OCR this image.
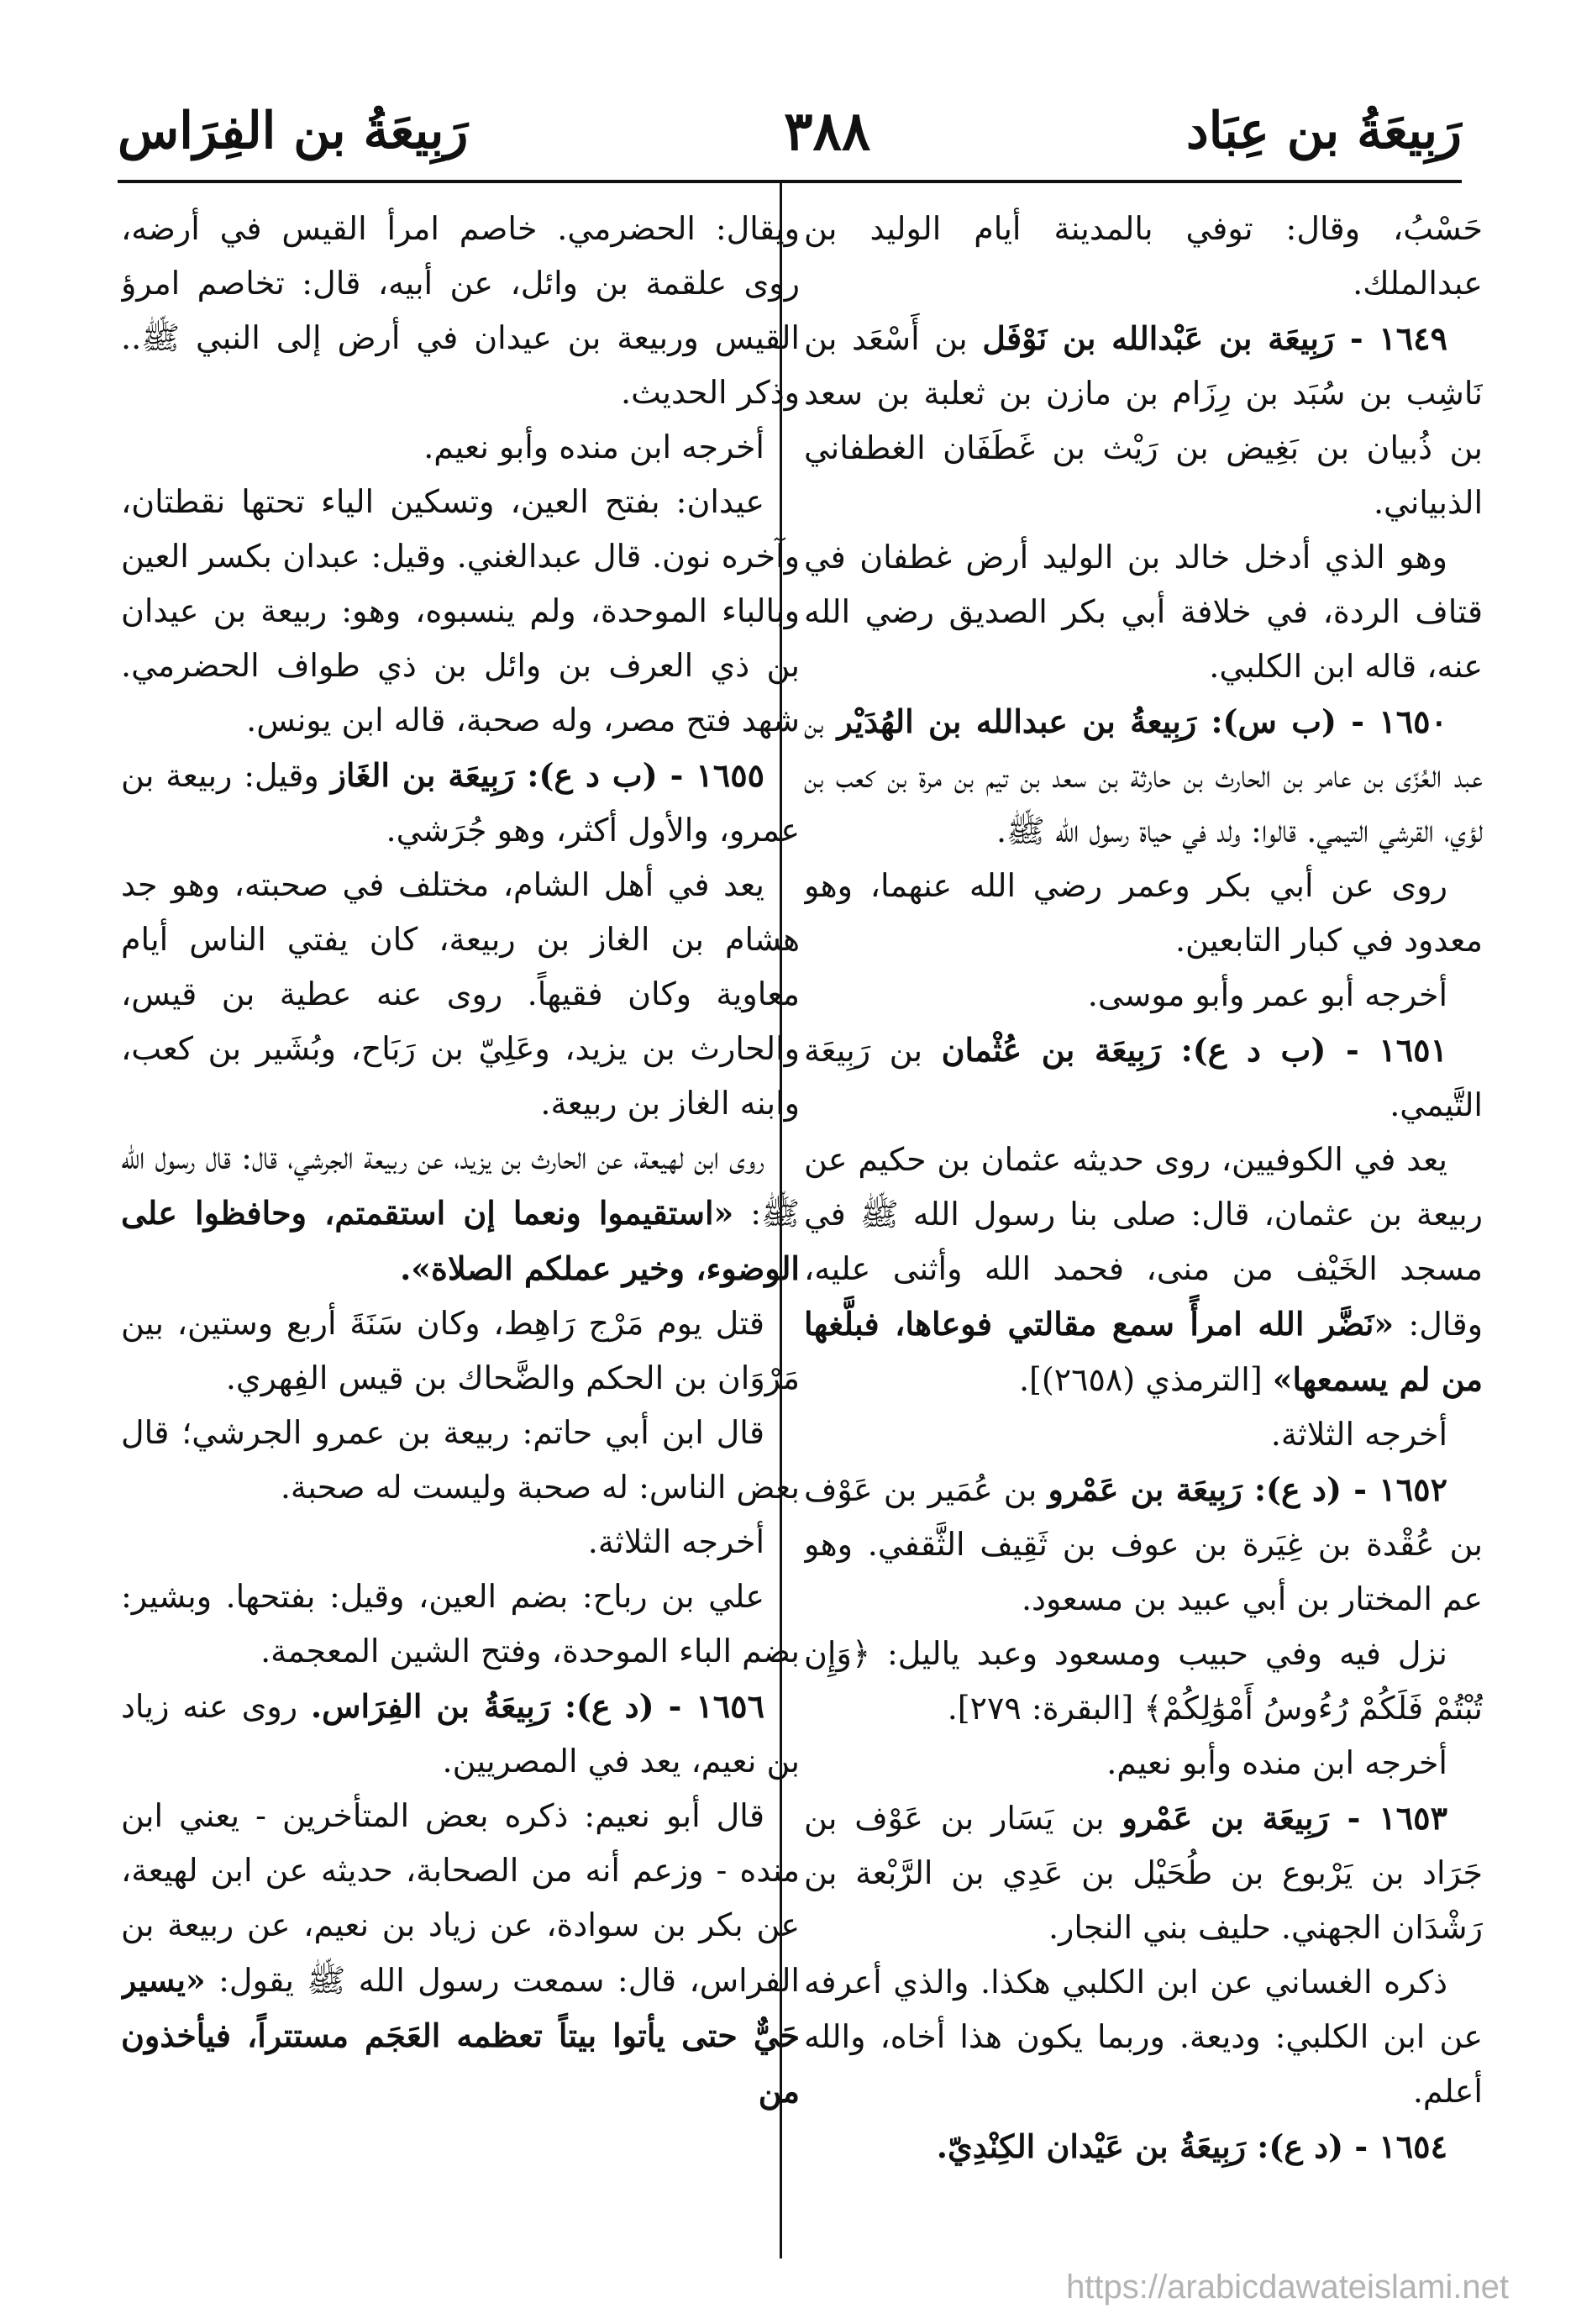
رَبِيعَةُ بن عِبَاد
٣٨٨
رَبِيعَةُ بن الفِرَاس

حَسْبُ، وقال: توفي بالمدينة أيام الوليد بن عبدالملك.

١٦٤٩ - رَبِيعَة بن عَبْدالله بن نَوْفَل بن أَسْعَد بن نَاشِب بن سُبَد بن رِزَام بن مازن بن ثعلبة بن سعد بن ذُبيان بن بَغِيض بن رَيْث بن غَطَفَان الغطفاني الذبياني.

وهو الذي أدخل خالد بن الوليد أرض غطفان في قتاف الردة، في خلافة أبي بكر الصديق رضي الله عنه، قاله ابن الكلبي.

١٦٥٠ - (ب س): رَبِيعةُ بن عبدالله بن الهُدَيْر بن عبد العُزّى بن عامر بن الحارث بن حارثة بن سعد بن تيم بن مرة بن كعب بن لؤي، القرشي التيمي. قالوا: ولد في حياة رسول الله ﷺ.

روى عن أبي بكر وعمر رضي الله عنهما، وهو معدود في كبار التابعين.

أخرجه أبو عمر وأبو موسى.

١٦٥١ - (ب د ع): رَبِيعَة بن عُثْمان بن رَبِيعَة التَّيمي.

يعد في الكوفيين، روى حديثه عثمان بن حكيم عن ربيعة بن عثمان، قال: صلى بنا رسول الله ﷺ في مسجد الخَيْف من منى، فحمد الله وأثنى عليه، وقال: «نَضَّر الله امرأً سمع مقالتي فوعاها، فبلَّغها من لم يسمعها» [الترمذي (٢٦٥٨)].

أخرجه الثلاثة.

١٦٥٢ - (د ع): رَبِيعَة بن عَمْرو بن عُمَير بن عَوْف بن عُقْدة بن غِيَرة بن عوف بن ثَقِيف الثَّقفي. وهو عم المختار بن أبي عبيد بن مسعود.

نزل فيه وفي حبيب ومسعود وعبد ياليل: ﴿وَإِن تُبْتُمْ فَلَكُمْ رُءُوسُ أَمْوَٰلِكُمْ﴾ [البقرة: ٢٧٩].

أخرجه ابن منده وأبو نعيم.

١٦٥٣ - رَبِيعَة بن عَمْرو بن يَسَار بن عَوْف بن جَرَاد بن يَرْبوع بن طُحَيْل بن عَدِي بن الرَّبْعة بن رَشْدَان الجهني. حليف بني النجار.

ذكره الغساني عن ابن الكلبي هكذا. والذي أعرفه عن ابن الكلبي: وديعة. وربما يكون هذا أخاه، والله أعلم.

١٦٥٤ - (د ع): رَبِيعَةُ بن عَيْدان الكِنْدِيّ.

ويقال: الحضرمي. خاصم امرأ القيس في أرضه، روى علقمة بن وائل، عن أبيه، قال: تخاصم امرؤ القيس وربيعة بن عيدان في أرض إلى النبي ﷺ.. وذكر الحديث.

أخرجه ابن منده وأبو نعيم.

عيدان: بفتح العين، وتسكين الياء تحتها نقطتان، وآخره نون. قال عبدالغني. وقيل: عبدان بكسر العين وبالباء الموحدة، ولم ينسبوه، وهو: ربيعة بن عيدان بن ذي العرف بن وائل بن ذي طواف الحضرمي. شهد فتح مصر، وله صحبة، قاله ابن يونس.

١٦٥٥ - (ب د ع): رَبِيعَة بن الغَاز وقيل: ربيعة بن عمرو، والأول أكثر، وهو جُرَشي.

يعد في أهل الشام، مختلف في صحبته، وهو جد هشام بن الغاز بن ربيعة، كان يفتي الناس أيام معاوية وكان فقيهاً. روى عنه عطية بن قيس، والحارث بن يزيد، وعَلِيّ بن رَبَاح، وبُشَير بن كعب، وابنه الغاز بن ربيعة.

روى ابن لهيعة، عن الحارث بن يزيد، عن ربيعة الجرشي، قال: قال رسول الله ﷺ: «استقيموا ونعما إن استقمتم، وحافظوا على الوضوء، وخير عملكم الصلاة».

قتل يوم مَرْج رَاهِط، وكان سَنَةَ أربع وستين، بين مَرْوَان بن الحكم والضَّحاك بن قيس الفِهري.

قال ابن أبي حاتم: ربيعة بن عمرو الجرشي؛ قال بعض الناس: له صحبة وليست له صحبة.

أخرجه الثلاثة.

علي بن رباح: بضم العين، وقيل: بفتحها. وبشير: بضم الباء الموحدة، وفتح الشين المعجمة.

١٦٥٦ - (د ع): رَبِيعَةُ بن الفِرَاس. روى عنه زياد بن نعيم، يعد في المصريين.

قال أبو نعيم: ذكره بعض المتأخرين - يعني ابن منده - وزعم أنه من الصحابة، حديثه عن ابن لهيعة، عن بكر بن سوادة، عن زياد بن نعيم، عن ربيعة بن الفراس، قال: سمعت رسول الله ﷺ يقول: «يسير حَيٌّ حتى يأتوا بيتاً تعظمه العَجَم مستتراً، فيأخذون من

https://arabicdawateislami.net
